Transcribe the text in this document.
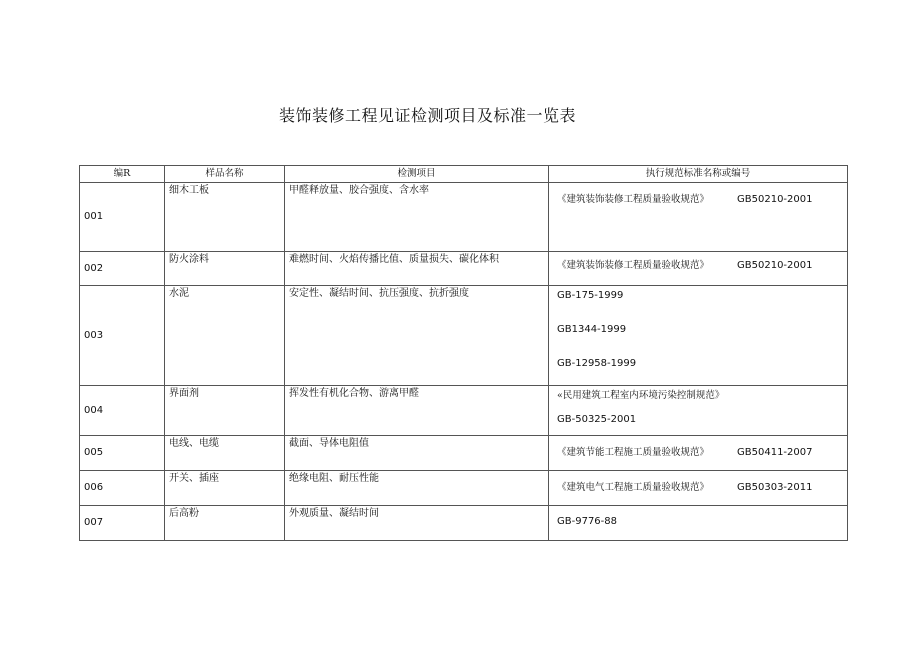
装饰装修工程见证检测项目及标准一览表
编R	样品名称	检测项目	执行规范标准名称或编号
001	细木工板	甲醛释放量、胶合强度、含水率	《建筑装饰装修工程质量验收规范》 GB50210-2001

002	防火涂料	难燃时间、火焰传播比值、质量损失、碳化体积	《建筑装饰装修工程质量验收规范》 GB50210-2001

003	水泥	安定性、凝结时间、抗压强度、抗折强度	GB-175-1999
GB1344-1999
GB-12958-1999

004	界面剂	挥发性有机化合物、游离甲醛	«民用建筑工程室内环境污染控制规范》
GB-50325-2001

005	电线、电缆	截面、导体电阻值	《建筑节能工程施工质量验收规范》 GB50411-2007

006	开关、插座	绝缘电阻、耐压性能	《建筑电气工程施工质量验收规范》 GB50303-2011

007	后高粉	外观质量、凝结时间	GB-9776-88
